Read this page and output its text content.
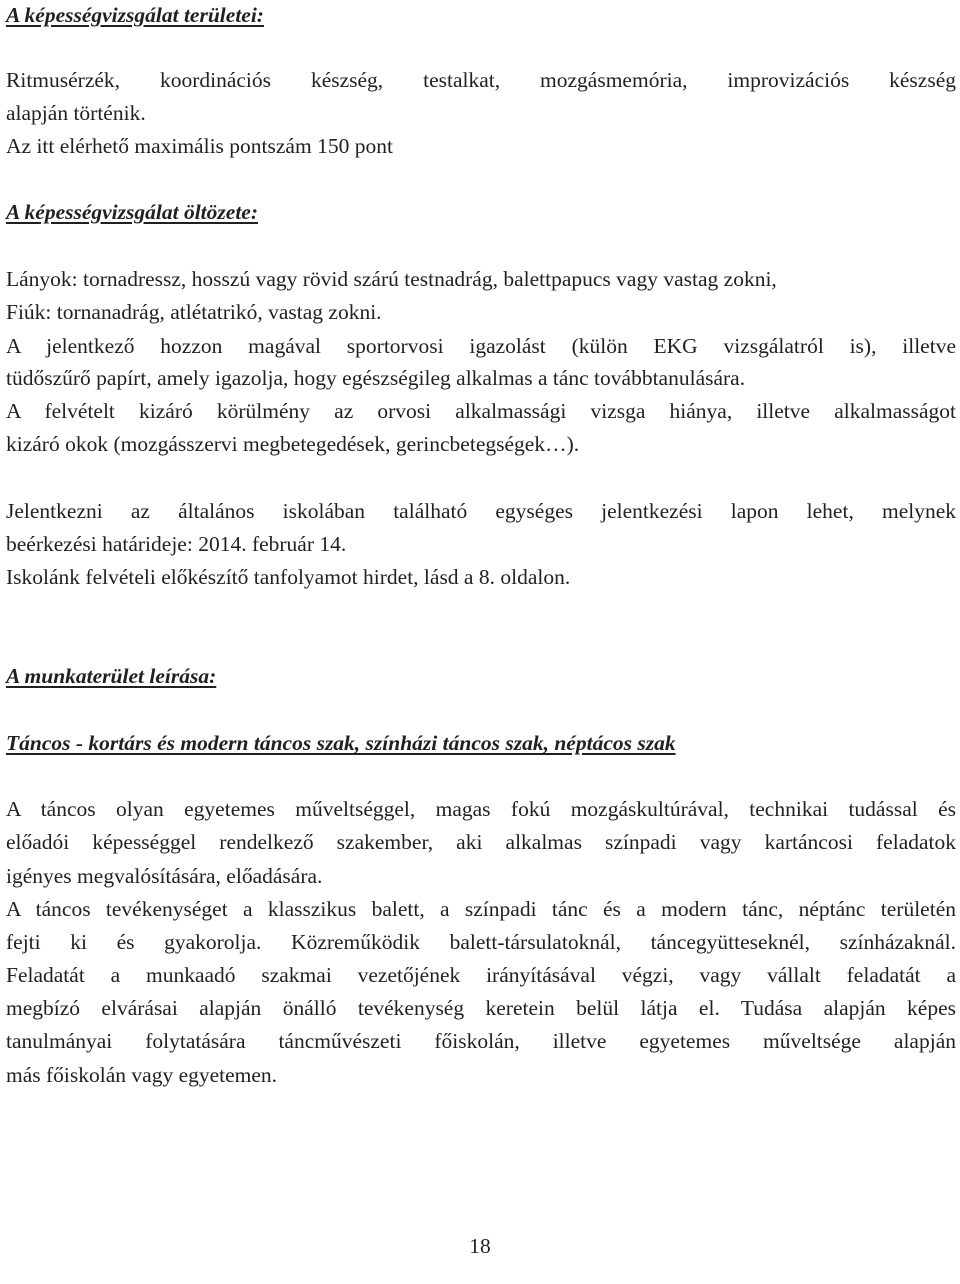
A képességvizsgálat területei:
Ritmusérzék, koordinációs készség, testalkat, mozgásmemória, improvizációs készség
alapján történik.
Az itt elérhető maximális pontszám 150 pont
A képességvizsgálat öltözete:
Lányok: tornadressz, hosszú vagy rövid szárú testnadrág, balettpapucs vagy vastag zokni,
Fiúk: tornanadrág, atlétatrikó, vastag zokni.
A jelentkező hozzon magával sportorvosi igazolást (külön EKG vizsgálatról is), illetve
tüdőszűrő papírt, amely igazolja, hogy egészségileg alkalmas a tánc továbbtanulására.
A felvételt kizáró körülmény az orvosi alkalmassági vizsga hiánya, illetve alkalmasságot
kizáró okok (mozgásszervi megbetegedések, gerincbetegségek…).
Jelentkezni az általános iskolában található egységes jelentkezési lapon lehet, melynek
beérkezési határideje: 2014. február 14.
Iskolánk felvételi előkészítő tanfolyamot hirdet, lásd a 8. oldalon.
A munkaterület leírása:
Táncos - kortárs és modern táncos szak, színházi táncos szak, néptácos szak
A táncos olyan egyetemes műveltséggel, magas fokú mozgáskultúrával, technikai tudással és
előadói képességgel rendelkező szakember, aki alkalmas színpadi vagy kartáncosi feladatok
igényes megvalósítására, előadására.
A táncos tevékenységet a klasszikus balett, a színpadi tánc és a modern tánc, néptánc területén
fejti ki és gyakorolja. Közreműködik balett-társulatoknál, táncegyütteseknél, színházaknál.
Feladatát a munkaadó szakmai vezetőjének irányításával végzi, vagy vállalt feladatát a
megbízó elvárásai alapján önálló tevékenység keretein belül látja el. Tudása alapján képes
tanulmányai folytatására táncművészeti főiskolán, illetve egyetemes műveltsége alapján
más főiskolán vagy egyetemen.
18
